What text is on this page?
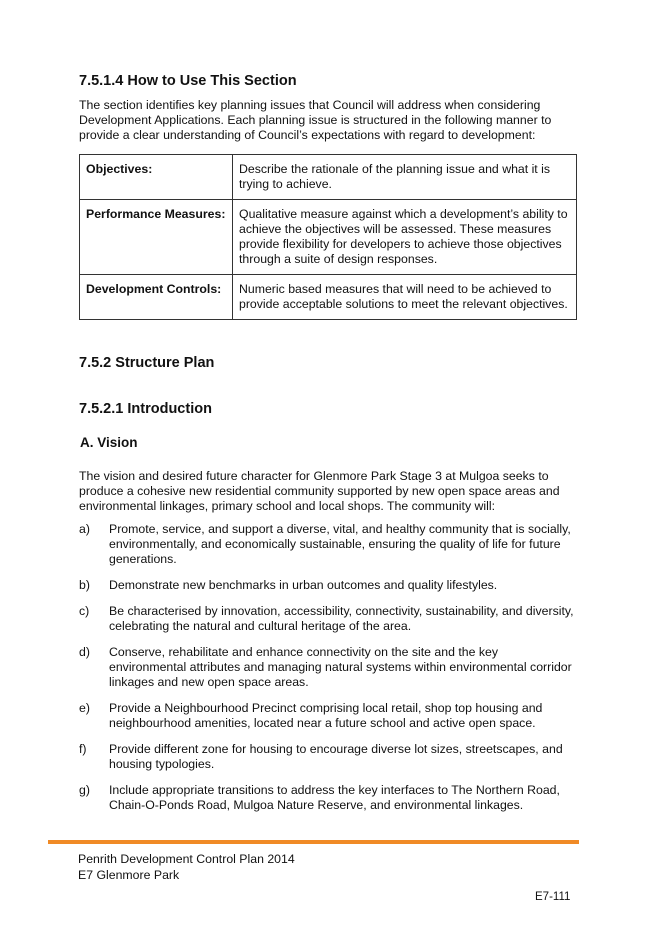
7.5.1.4 How to Use This Section

The section identifies key planning issues that Council will address when considering Development Applications. Each planning issue is structured in the following manner to provide a clear understanding of Council’s expectations with regard to development:

Objectives:	Describe the rationale of the planning issue and what it is trying to achieve.
Performance Measures:	Qualitative measure against which a development’s ability to achieve the objectives will be assessed. These measures provide flexibility for developers to achieve those objectives through a suite of design responses.
Development Controls:	Numeric based measures that will need to be achieved to provide acceptable solutions to meet the relevant objectives.
7.5.2 Structure Plan
7.5.2.1 Introduction
A. Vision

The vision and desired future character for Glenmore Park Stage 3 at Mulgoa seeks to produce a cohesive new residential community supported by new open space areas and environmental linkages, primary school and local shops. The community will:

a) Promote, service, and support a diverse, vital, and healthy community that is socially, environmentally, and economically sustainable, ensuring the quality of life for future generations.
b) Demonstrate new benchmarks in urban outcomes and quality lifestyles.
c) Be characterised by innovation, accessibility, connectivity, sustainability, and diversity, celebrating the natural and cultural heritage of the area.
d) Conserve, rehabilitate and enhance connectivity on the site and the key environmental attributes and managing natural systems within environmental corridor linkages and new open space areas.
e) Provide a Neighbourhood Precinct comprising local retail, shop top housing and neighbourhood amenities, located near a future school and active open space.
f) Provide different zone for housing to encourage diverse lot sizes, streetscapes, and housing typologies.
g) Include appropriate transitions to address the key interfaces to The Northern Road, Chain-O-Ponds Road, Mulgoa Nature Reserve, and environmental linkages.
Penrith Development Control Plan 2014
E7 Glenmore Park
E7-111
